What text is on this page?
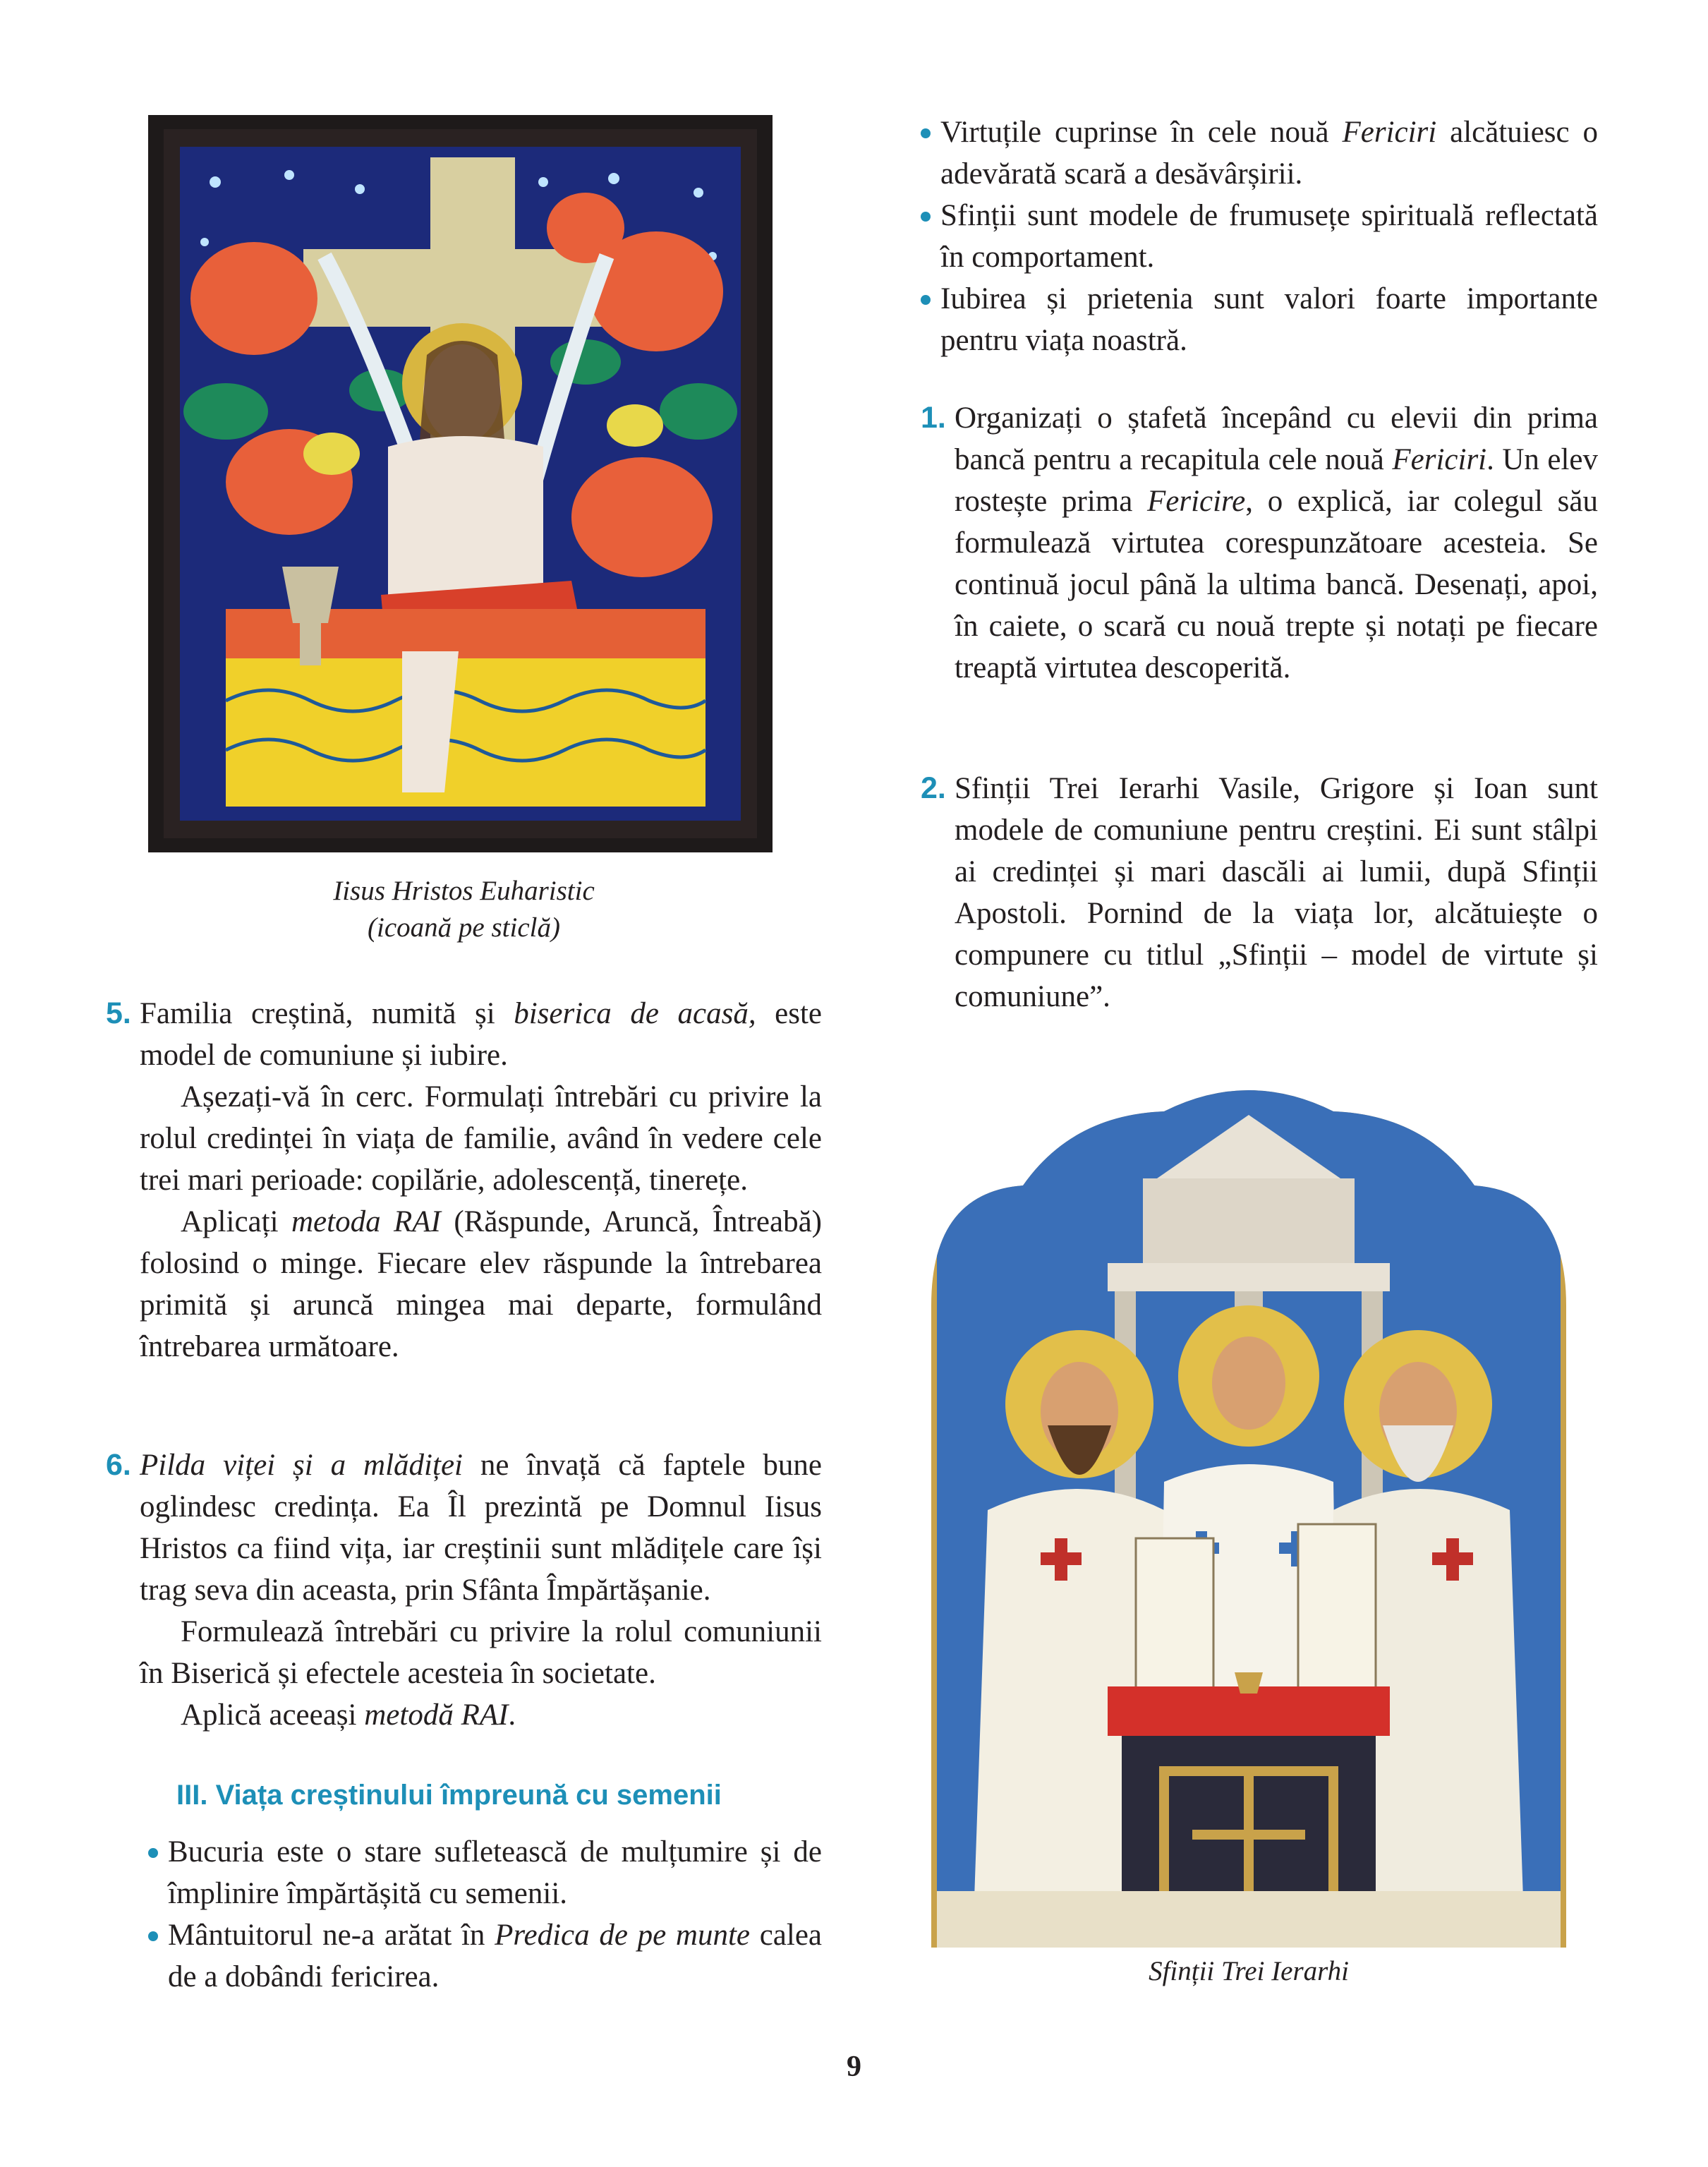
Iisus Hristos Euharistic
(icoană pe sticlă)
5. Familia creștină, numită și biserica de acasă, este model de comuniune și iubire.

Așezați-vă în cerc. Formulați întrebări cu privire la rolul credinței în viața de familie, având în vedere cele trei mari perioade: copilărie, adolescență, tinerețe.

Aplicați metoda RAI (Răspunde, Aruncă, Întreabă) folosind o minge. Fiecare elev răspunde la întrebarea primită și aruncă mingea mai departe, formulând întrebarea următoare.

6. Pilda viței și a mlădiței ne învață că faptele bune oglindesc credința. Ea Îl prezintă pe Domnul Iisus Hristos ca fiind vița, iar creștinii sunt mlădițele care își trag seva din aceasta, prin Sfânta Împărtășanie.

Formulează întrebări cu privire la rolul comuniunii în Biserică și efectele acesteia în societate.

Aplică aceeași metodă RAI.

III. Viața creștinului împreună cu semenii
Bucuria este o stare sufletească de mulțumire și de împlinire împărtășită cu semenii.
Mântuitorul ne-a arătat în Predica de pe munte calea de a dobândi fericirea.
Virtuțile cuprinse în cele nouă Fericiri alcătuiesc o adevărată scară a desăvârșirii.
Sfinții sunt modele de frumusețe spirituală reflectată în comportament.
Iubirea și prietenia sunt valori foarte importante pentru viața noastră.
1. Organizați o ștafetă începând cu elevii din prima bancă pentru a recapitula cele nouă Fericiri. Un elev rostește prima Fericire, o explică, iar colegul său formulează virtutea corespunzătoare acesteia. Se continuă jocul până la ultima bancă. Desenați, apoi, în caiete, o scară cu nouă trepte și notați pe fiecare treaptă virtutea descoperită.
2. Sfinții Trei Ierarhi Vasile, Grigore și Ioan sunt modele de comuniune pentru creștini. Ei sunt stâlpi ai credinței și mari dascăli ai lumii, după Sfinții Apostoli. Pornind de la viața lor, alcătuiește o compunere cu titlul „Sfinții – model de virtute și comuniune”.
Sfinții Trei Ierarhi
9
